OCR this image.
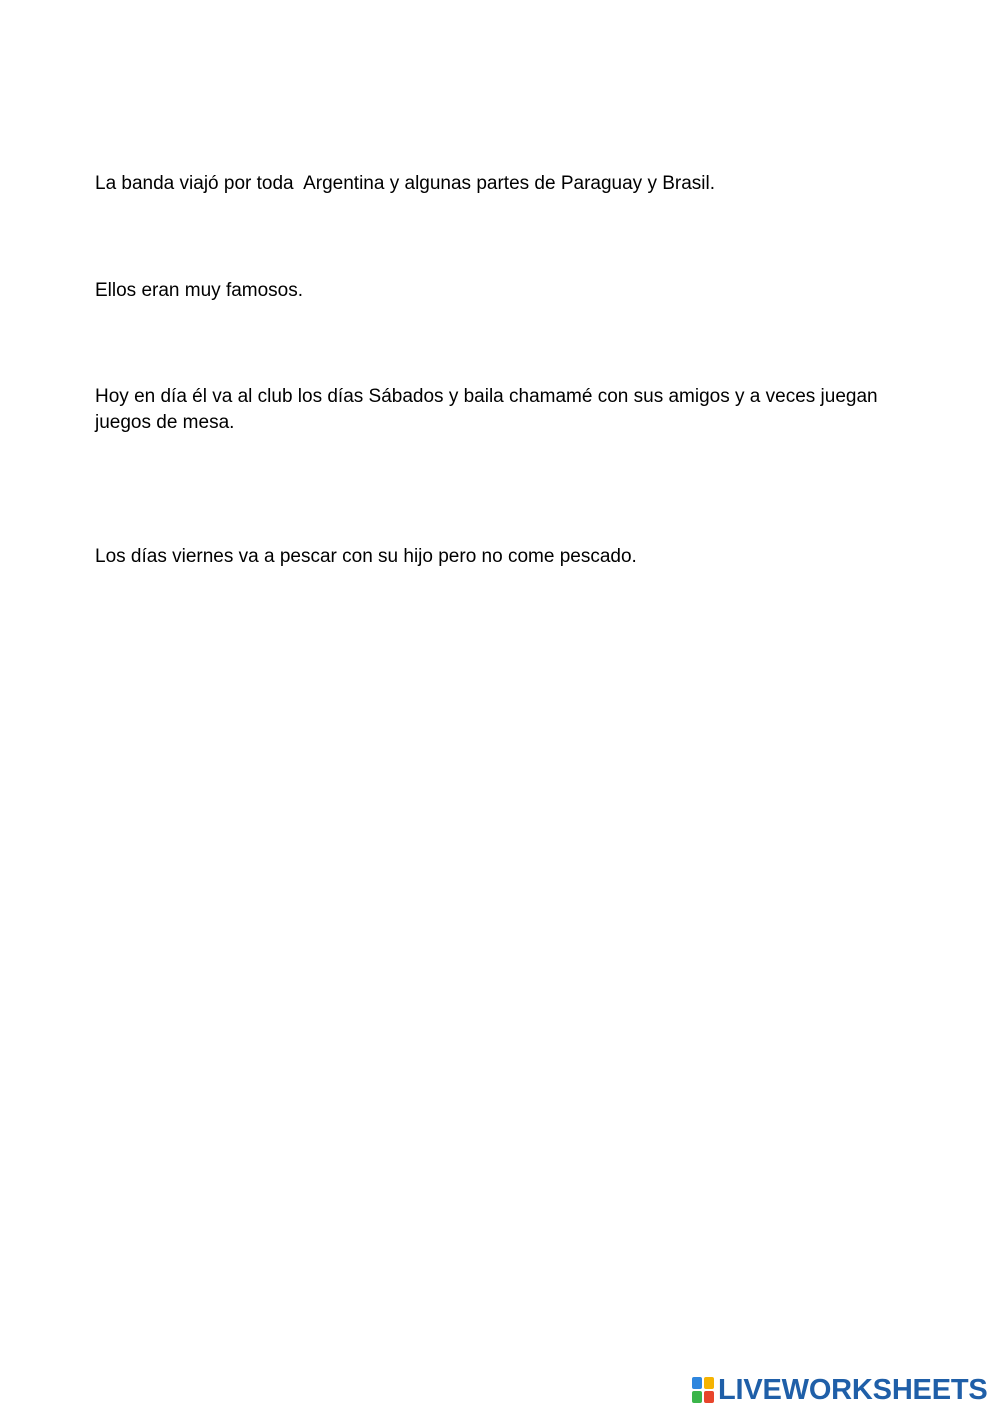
La banda viajó por toda  Argentina y algunas partes de Paraguay y Brasil.

Ellos eran muy famosos.

Hoy en día él va al club los días Sábados y baila chamamé con sus amigos y a veces juegan juegos de mesa.

Los días viernes va a pescar con su hijo pero no come pescado.

LIVEWORKSHEETS
